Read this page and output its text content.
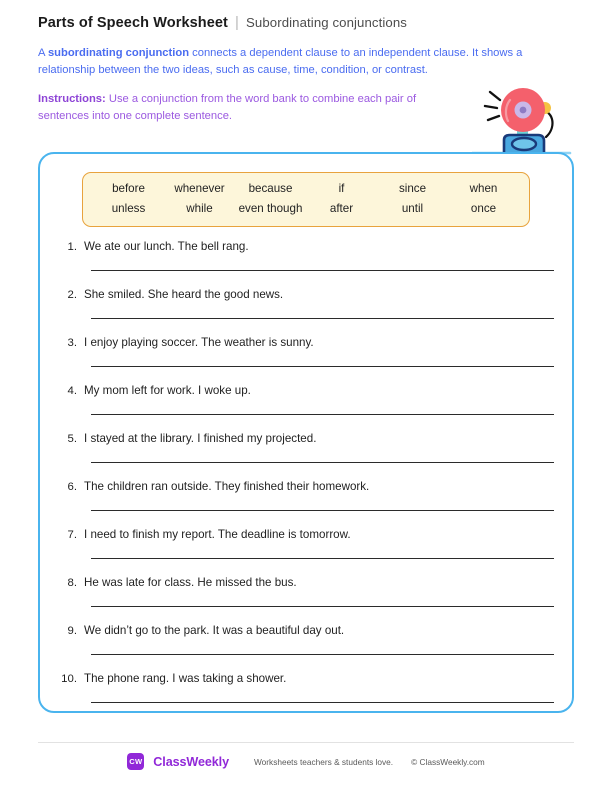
Parts of Speech Worksheet | Subordinating conjunctions
A subordinating conjunction connects a dependent clause to an independent clause. It shows a relationship between the two ideas, such as cause, time, condition, or contrast.
Instructions: Use a conjunction from the word bank to combine each pair of sentences into one complete sentence.
before	whenever	because	if	since	when
unless	while	even though	after	until	once
1. We ate our lunch. The bell rang.
2. She smiled. She heard the good news.
3. I enjoy playing soccer. The weather is sunny.
4. My mom left for work. I woke up.
5. I stayed at the library. I finished my projected.
6. The children ran outside. They finished their homework.
7. I need to finish my report. The deadline is tomorrow.
8. He was late for class. He missed the bus.
9. We didn’t go to the park. It was a beautiful day out.
10. The phone rang. I was taking a shower.
CW ClassWeekly	Worksheets teachers & students love. © ClassWeekly.com
